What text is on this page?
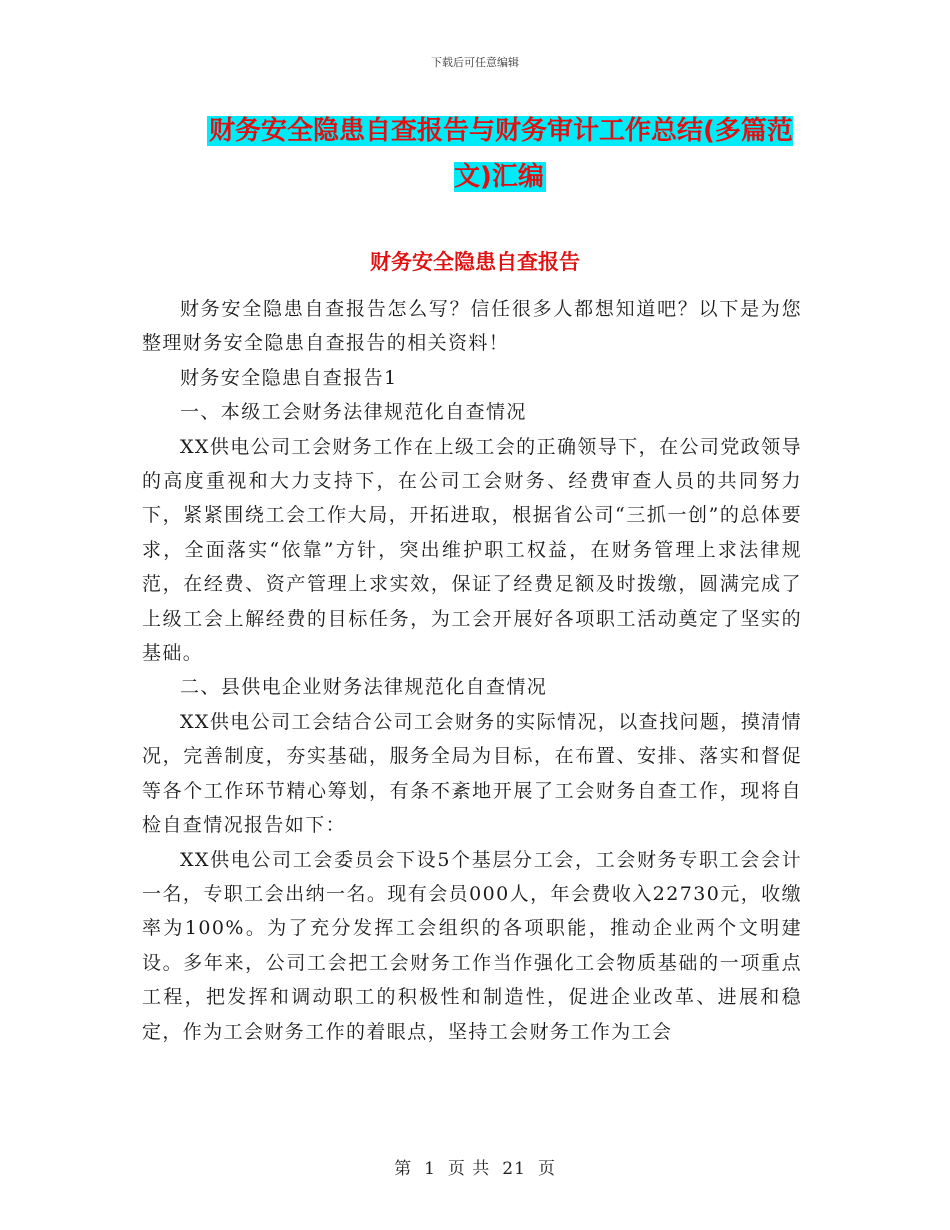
下载后可任意编辑
财务安全隐患自查报告与财务审计工作总结(多篇范文)汇编
财务安全隐患自查报告

财务安全隐患自查报告怎么写？信任很多人都想知道吧？以下是为您整理财务安全隐患自查报告的相关资料！

财务安全隐患自查报告1

一、本级工会财务法律规范化自查情况

XX供电公司工会财务工作在上级工会的正确领导下，在公司党政领导的高度重视和大力支持下，在公司工会财务、经费审查人员的共同努力下，紧紧围绕工会工作大局，开拓进取，根据省公司“三抓一创”的总体要求，全面落实“依靠”方针，突出维护职工权益，在财务管理上求法律规范，在经费、资产管理上求实效，保证了经费足额及时拨缴，圆满完成了上级工会上解经费的目标任务，为工会开展好各项职工活动奠定了坚实的基础。

二、县供电企业财务法律规范化自查情况

XX供电公司工会结合公司工会财务的实际情况，以查找问题，摸清情况，完善制度，夯实基础，服务全局为目标，在布置、安排、落实和督促等各个工作环节精心筹划，有条不紊地开展了工会财务自查工作，现将自检自查情况报告如下：

XX供电公司工会委员会下设5个基层分工会，工会财务专职工会会计一名，专职工会出纳一名。现有会员000人，年会费收入22730元，收缴率为100%。为了充分发挥工会组织的各项职能，推动企业两个文明建设。多年来，公司工会把工会财务工作当作强化工会物质基础的一项重点工程，把发挥和调动职工的积极性和制造性，促进企业改革、进展和稳定，作为工会财务工作的着眼点，坚持工会财务工作为工会

第 1 页 共 21 页
